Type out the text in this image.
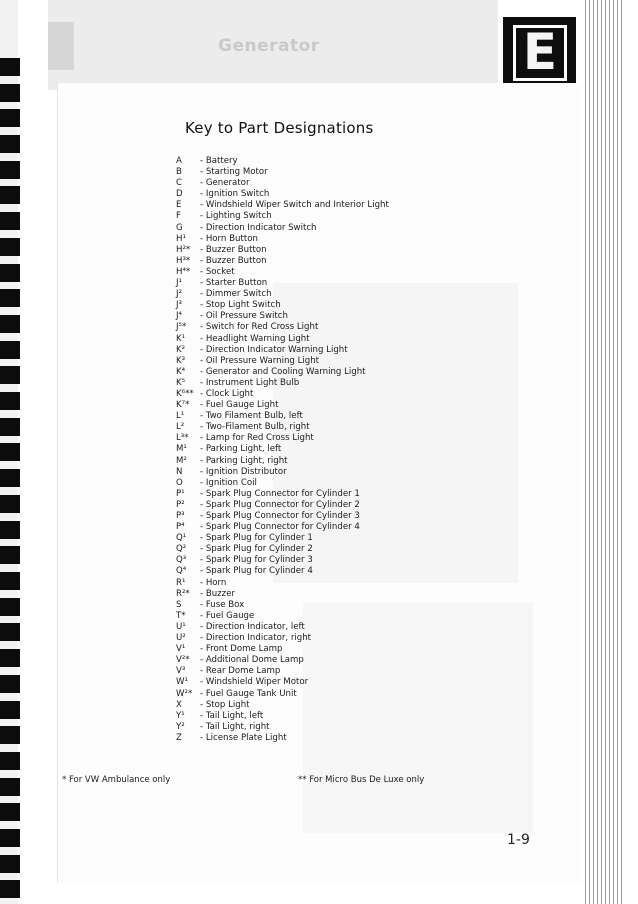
Generator	E
Key to Part Designations
A	- Battery
B	- Starting Motor
C	- Generator
D	- Ignition Switch
E	- Windshield Wiper Switch and Interior Light
F	- Lighting Switch
G	- Direction Indicator Switch
H¹	- Horn Button
H²*	- Buzzer Button
H³*	- Buzzer Button
H⁴*	- Socket
J¹	- Starter Button
J²	- Dimmer Switch
J³	- Stop Light Switch
J⁴	- Oil Pressure Switch
J⁵*	- Switch for Red Cross Light
K¹	- Headlight Warning Light
K²	- Direction Indicator Warning Light
K³	- Oil Pressure Warning Light
K⁴	- Generator and Cooling Warning Light
K⁵	- Instrument Light Bulb
K⁶** - Clock Light
K⁷*	- Fuel Gauge Light
L¹	- Two Filament Bulb, left
L²	- Two-Filament Bulb, right
L³*	- Lamp for Red Cross Light
M¹	- Parking Light, left
M²	- Parking Light, right
N	- Ignition Distributor
O	- Ignition Coil
P¹	- Spark Plug Connector for Cylinder 1
P²	- Spark Plug Connector for Cylinder 2
P³	- Spark Plug Connector for Cylinder 3
P⁴	- Spark Plug Connector for Cylinder 4
Q¹	- Spark Plug for Cylinder 1
Q²	- Spark Plug for Cylinder 2
Q³	- Spark Plug for Cylinder 3
Q⁴	- Spark Plug for Cylinder 4
R¹	- Horn
R²*	- Buzzer
S	- Fuse Box
T*	- Fuel Gauge
U¹	- Direction Indicator, left
U²	- Direction Indicator, right
V¹	- Front Dome Lamp
V²*	- Additional Dome Lamp
V³	- Rear Dome Lamp
W¹	- Windshield Wiper Motor
W²* - Fuel Gauge Tank Unit
X	- Stop Light
Y¹	- Tail Light, left
Y²	- Tail Light, right
Z	- License Plate Light
* For VW Ambulance only	** For Micro Bus De Luxe only
1-9
